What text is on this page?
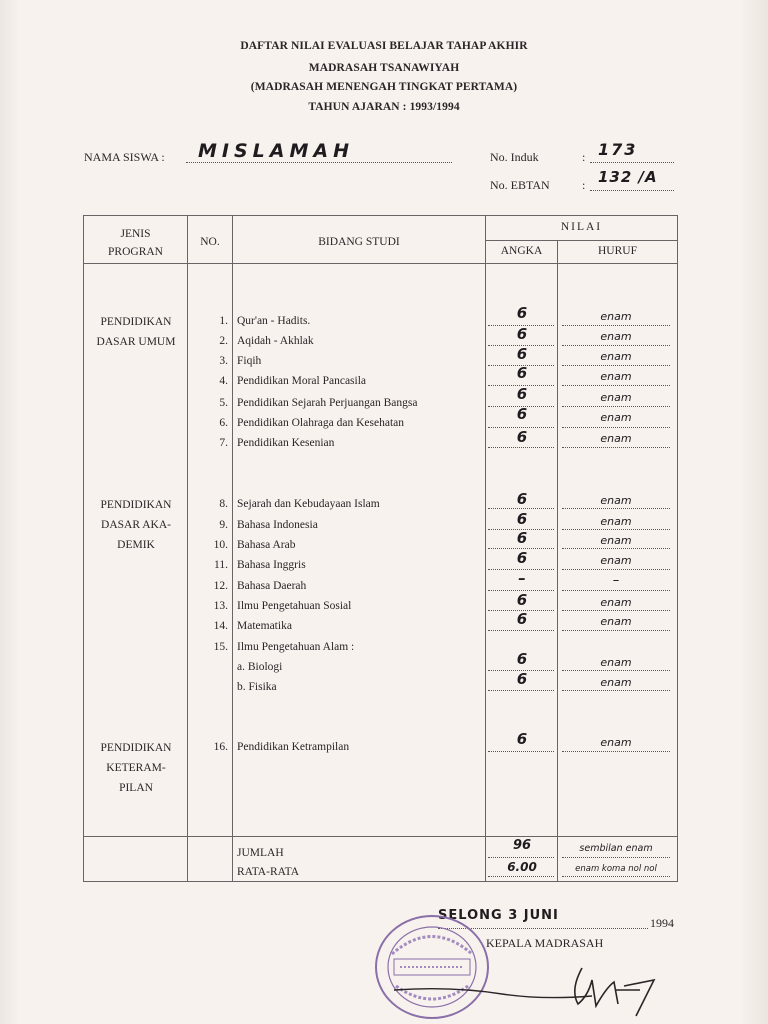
DAFTAR NILAI EVALUASI BELAJAR TAHAP AKHIR
MADRASAH TSANAWIYAH
(MADRASAH MENENGAH TINGKAT PERTAMA)
TAHUN AJARAN : 1993/1994
NAMA SISWA : MISLAMAH	No. Induk	: 173
No. EBTAN	: 132 /A
JENIS
PROGRAN
NO.	BIDANG STUDI
NILAI
ANGKA	HURUF
PENDIDIKAN
DASAR UMUM
PENDIDIKAN
DASAR AKA-
DEMIK
PENDIDIKAN
KETERAM-
PILAN
1. Qur'an - Hadits.	6	enam
2. Aqidah - Akhlak	6	enam
3. Fiqih	6	enam
4. Pendidikan Moral Pancasila	6	enam
5. Pendidikan Sejarah Perjuangan Bangsa	6	enam
6. Pendidikan Olahraga dan Kesehatan	6	enam
7. Pendidikan Kesenian	6	enam
8. Sejarah dan Kebudayaan Islam	6	enam
9. Bahasa Indonesia	6	enam
10. Bahasa Arab	6	enam
11. Bahasa Inggris	6	enam
12. Bahasa Daerah	–	–
13. Ilmu Pengetahuan Sosial	6	enam
14. Matematika	6	enam
15. Ilmu Pengetahuan Alam :
a. Biologi	6	enam
b. Fisika	6	enam
16. Pendidikan Ketrampilan	6	enam
JUMLAH	96	sembilan enam
RATA-RATA	6.00	enam koma nol nol
SELONG 3 JUNI	1994
KEPALA MADRASAH
